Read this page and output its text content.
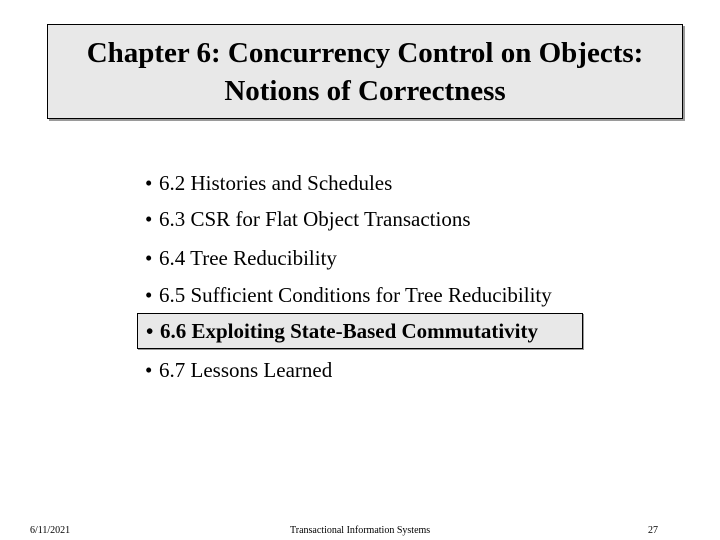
Chapter 6: Concurrency Control on Objects:
Notions of Correctness
• 6.2 Histories and Schedules
• 6.3 CSR for Flat Object Transactions
• 6.4 Tree Reducibility
• 6.5 Sufficient Conditions for Tree Reducibility
• 6.6 Exploiting State-Based Commutativity
• 6.7 Lessons Learned
6/11/2021	Transactional Information Systems	27
